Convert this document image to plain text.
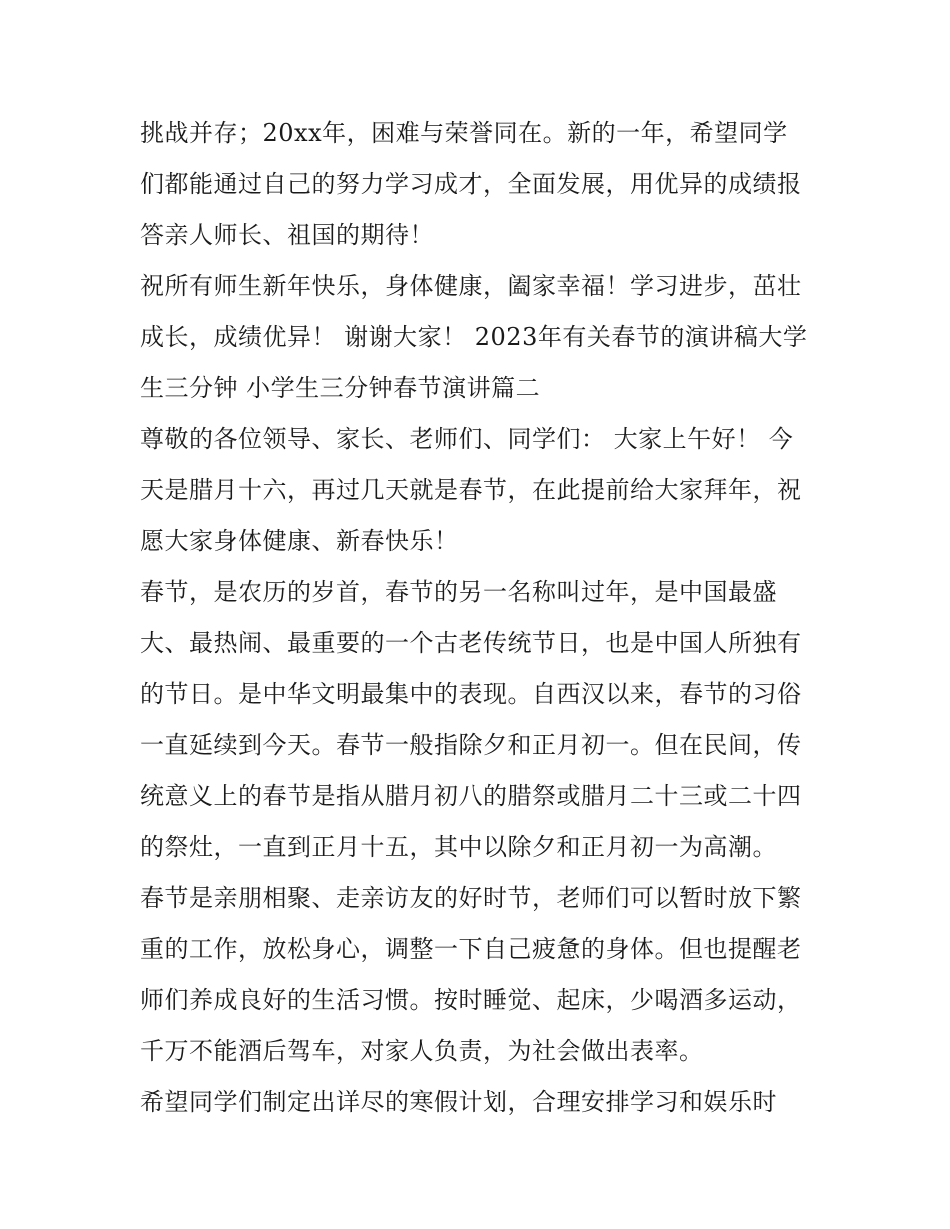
挑战并存；20xx年，困难与荣誉同在。新的一年，希望同学
们都能通过自己的努力学习成才，全面发展，用优异的成绩报
答亲人师长、祖国的期待！
祝所有师生新年快乐，身体健康，阖家幸福！学习进步，茁壮
成长，成绩优异！ 谢谢大家！ 2023年有关春节的演讲稿大学
生三分钟 小学生三分钟春节演讲篇二
尊敬的各位领导、家长、老师们、同学们： 大家上午好！ 今
天是腊月十六，再过几天就是春节，在此提前给大家拜年，祝
愿大家身体健康、新春快乐！
春节，是农历的岁首，春节的另一名称叫过年，是中国最盛
大、最热闹、最重要的一个古老传统节日，也是中国人所独有
的节日。是中华文明最集中的表现。自西汉以来，春节的习俗
一直延续到今天。春节一般指除夕和正月初一。但在民间，传
统意义上的春节是指从腊月初八的腊祭或腊月二十三或二十四
的祭灶，一直到正月十五，其中以除夕和正月初一为高潮。
春节是亲朋相聚、走亲访友的好时节，老师们可以暂时放下繁
重的工作，放松身心，调整一下自己疲惫的身体。但也提醒老
师们养成良好的生活习惯。按时睡觉、起床，少喝酒多运动，
千万不能酒后驾车，对家人负责，为社会做出表率。
希望同学们制定出详尽的寒假计划，合理安排学习和娱乐时
